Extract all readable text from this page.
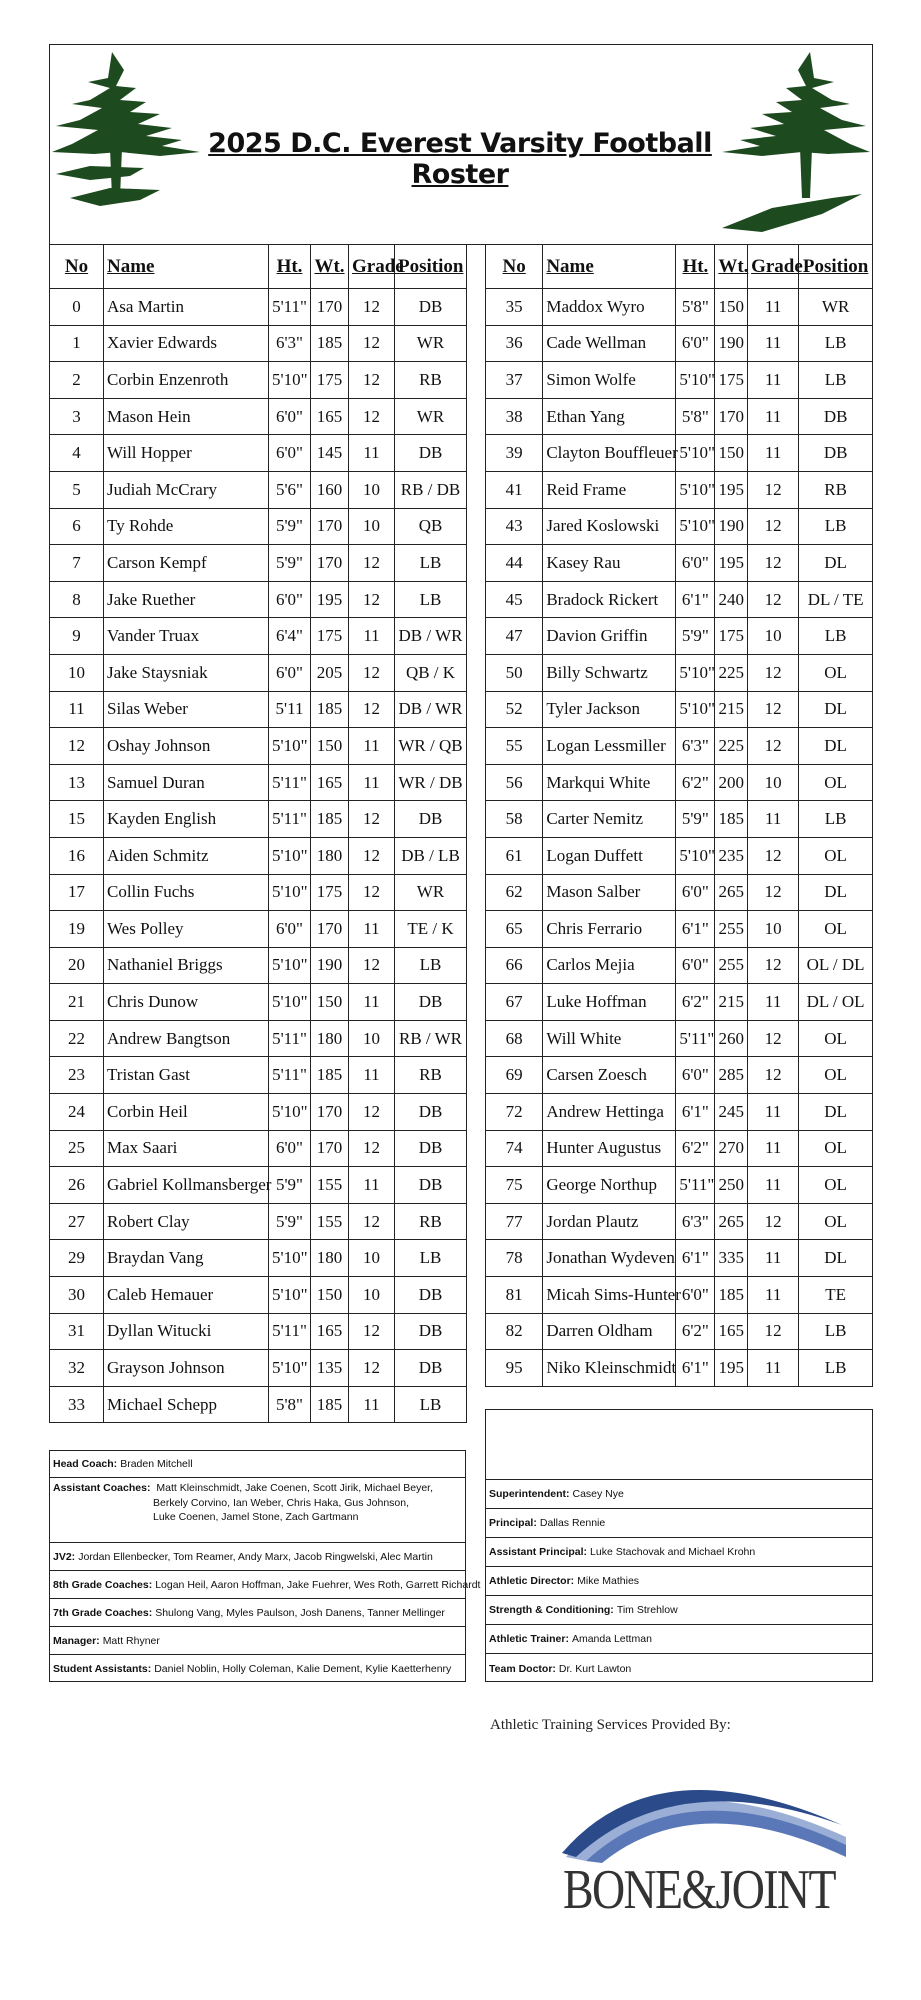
2025 D.C. Everest Varsity Football Roster
No	Name	Ht.	Wt.	Grade	Position
0	Asa Martin	5'11"	170	12	DB
1	Xavier Edwards	6'3"	185	12	WR
2	Corbin Enzenroth	5'10"	175	12	RB
3	Mason Hein	6'0"	165	12	WR
4	Will Hopper	6'0"	145	11	DB
5	Judiah McCrary	5'6"	160	10	RB / DB
6	Ty Rohde	5'9"	170	10	QB
7	Carson Kempf	5'9"	170	12	LB
8	Jake Ruether	6'0"	195	12	LB
9	Vander Truax	6'4"	175	11	DB / WR
10	Jake Staysniak	6'0"	205	12	QB / K
11	Silas Weber	5'11	185	12	DB / WR
12	Oshay Johnson	5'10"	150	11	WR / QB
13	Samuel Duran	5'11"	165	11	WR / DB
15	Kayden English	5'11"	185	12	DB
16	Aiden Schmitz	5'10"	180	12	DB / LB
17	Collin Fuchs	5'10"	175	12	WR
19	Wes Polley	6'0"	170	11	TE / K
20	Nathaniel Briggs	5'10"	190	12	LB
21	Chris Dunow	5'10"	150	11	DB
22	Andrew Bangtson	5'11"	180	10	RB / WR
23	Tristan Gast	5'11"	185	11	RB
24	Corbin Heil	5'10"	170	12	DB
25	Max Saari	6'0"	170	12	DB
26	Gabriel Kollmansberger	5'9"	155	11	DB
27	Robert Clay	5'9"	155	12	RB
29	Braydan Vang	5'10"	180	10	LB
30	Caleb Hemauer	5'10"	150	10	DB
31	Dyllan Witucki	5'11"	165	12	DB
32	Grayson Johnson	5'10"	135	12	DB
33	Michael Schepp	5'8"	185	11	LB
No	Name	Ht.	Wt.	Grade	Position
35	Maddox Wyro	5'8"	150	11	WR
36	Cade Wellman	6'0"	190	11	LB
37	Simon Wolfe	5'10"	175	11	LB
38	Ethan Yang	5'8"	170	11	DB
39	Clayton Bouffleuer	5'10"	150	11	DB
41	Reid Frame	5'10"	195	12	RB
43	Jared Koslowski	5'10"	190	12	LB
44	Kasey Rau	6'0"	195	12	DL
45	Bradock Rickert	6'1"	240	12	DL / TE
47	Davion Griffin	5'9"	175	10	LB
50	Billy Schwartz	5'10"	225	12	OL
52	Tyler Jackson	5'10"	215	12	DL
55	Logan Lessmiller	6'3"	225	12	DL
56	Markqui White	6'2"	200	10	OL
58	Carter Nemitz	5'9"	185	11	LB
61	Logan Duffett	5'10"	235	12	OL
62	Mason Salber	6'0"	265	12	DL
65	Chris Ferrario	6'1"	255	10	OL
66	Carlos Mejia	6'0"	255	12	OL / DL
67	Luke Hoffman	6'2"	215	11	DL / OL
68	Will White	5'11"	260	12	OL
69	Carsen Zoesch	6'0"	285	12	OL
72	Andrew Hettinga	6'1"	245	11	DL
74	Hunter Augustus	6'2"	270	11	OL
75	George Northup	5'11"	250	11	OL
77	Jordan Plautz	6'3"	265	12	OL
78	Jonathan Wydeven	6'1"	335	11	DL
81	Micah Sims-Hunter	6'0"	185	11	TE
82	Darren Oldham	6'2"	165	12	LB
95	Niko Kleinschmidt	6'1"	195	11	LB
Head Coach: Braden Mitchell
Assistant Coaches: Matt Kleinschmidt, Jake Coenen, Scott Jirik, Michael Beyer,
Berkely Corvino, Ian Weber, Chris Haka, Gus Johnson,
Luke Coenen, Jamel Stone, Zach Gartmann
JV2: Jordan Ellenbecker, Tom Reamer, Andy Marx, Jacob Ringwelski, Alec Martin
8th Grade Coaches: Logan Heil, Aaron Hoffman, Jake Fuehrer, Wes Roth, Garrett Richardt
7th Grade Coaches: Shulong Vang, Myles Paulson, Josh Danens, Tanner Mellinger
Manager: Matt Rhyner
Student Assistants: Daniel Noblin, Holly Coleman, Kalie Dement, Kylie Kaetterhenry
Superintendent: Casey Nye
Principal: Dallas Rennie
Assistant Principal: Luke Stachovak and Michael Krohn
Athletic Director: Mike Mathies
Strength & Conditioning: Tim Strehlow
Athletic Trainer: Amanda Lettman
Team Doctor: Dr. Kurt Lawton
Athletic Training Services Provided By:
BONE&JOINT
